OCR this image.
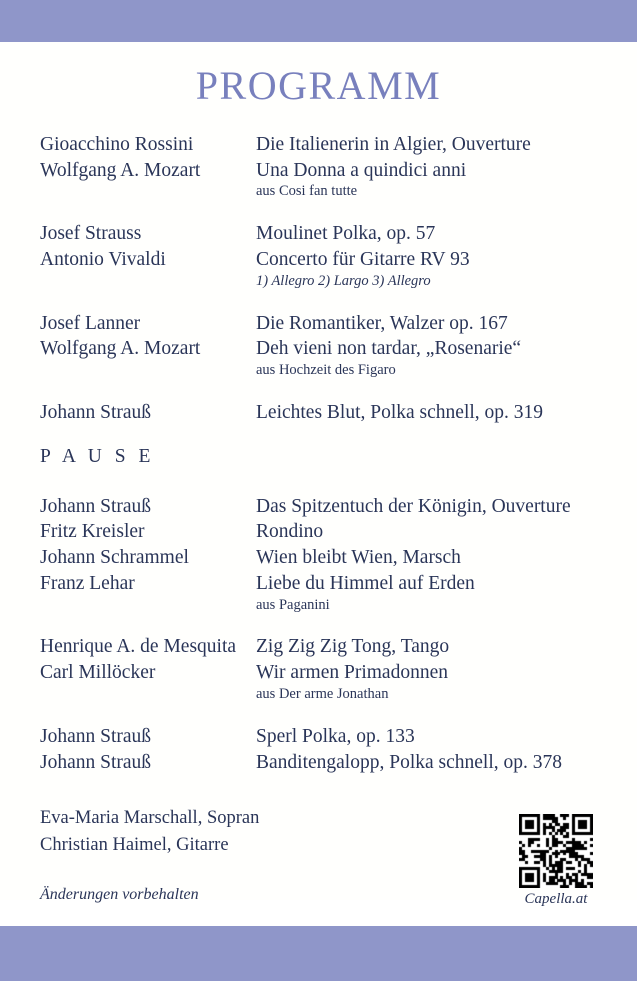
PROGRAMM
Gioacchino Rossini	Die Italienerin in Algier, Ouverture
Wolfgang A. Mozart	Una Donna a quindici anni
aus Cosi fan tutte
Josef Strauss	Moulinet Polka, op. 57
Antonio Vivaldi	Concerto für Gitarre RV 93
1) Allegro 2) Largo 3) Allegro
Josef Lanner	Die Romantiker, Walzer op. 167
Wolfgang A. Mozart	Deh vieni non tardar, „Rosenarie“
aus Hochzeit des Figaro
Johann Strauß	Leichtes Blut, Polka schnell, op. 319
P A U S E
Johann Strauß	Das Spitzentuch der Königin, Ouverture
Fritz Kreisler	Rondino
Johann Schrammel	Wien bleibt Wien, Marsch
Franz Lehar	Liebe du Himmel auf Erden
aus Paganini
Henrique A. de Mesquita	Zig Zig Zig Tong, Tango
Carl Millöcker	Wir armen Primadonnen
aus Der arme Jonathan
Johann Strauß	Sperl Polka, op. 133
Johann Strauß	Banditengalopp, Polka schnell, op. 378
Eva-Maria Marschall, Sopran
Christian Haimel, Gitarre
Änderungen vorbehalten	Capella.at
